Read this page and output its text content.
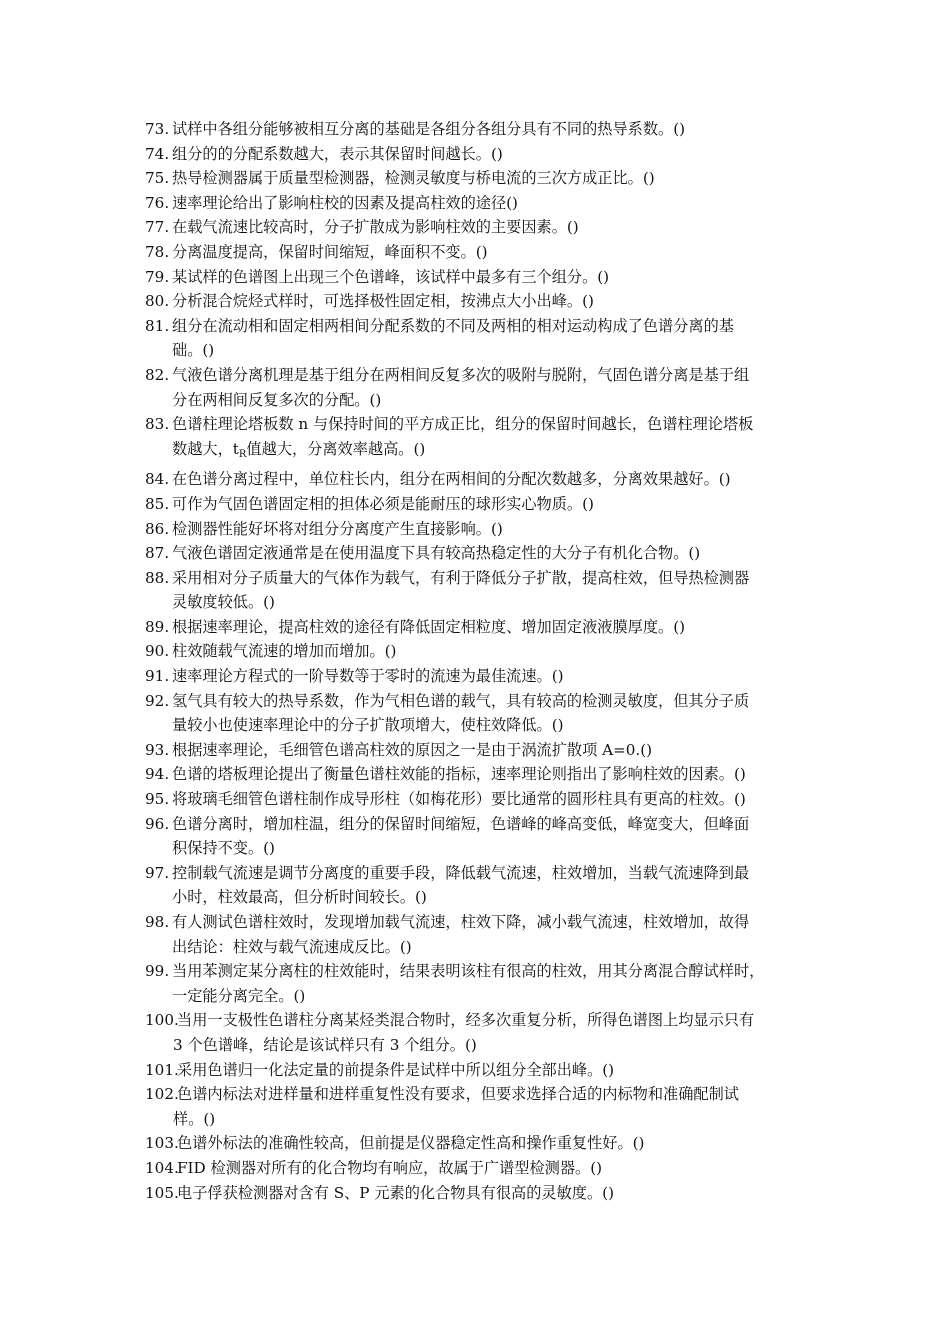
73. 试样中各组分能够被相互分离的基础是各组分各组分具有不同的热导系数。()
74. 组分的的分配系数越大，表示其保留时间越长。()
75. 热导检测器属于质量型检测器，检测灵敏度与桥电流的三次方成正比。()
76. 速率理论给出了影响柱校的因素及提高柱效的途径()
77. 在载气流速比较高时，分子扩散成为影响柱效的主要因素。()
78. 分离温度提高，保留时间缩短，峰面积不变。()
79. 某试样的色谱图上出现三个色谱峰，该试样中最多有三个组分。()
80. 分析混合烷烃式样时，可选择极性固定相，按沸点大小出峰。()
81. 组分在流动相和固定相两相间分配系数的不同及两相的相对运动构成了色谱分离的基
础。()
82. 气液色谱分离机理是基于组分在两相间反复多次的吸附与脱附，气固色谱分离是基于组
分在两相间反复多次的分配。()
83. 色谱柱理论塔板数 n 与保持时间的平方成正比，组分的保留时间越长，色谱柱理论塔板
数越大，$t_R$值越大，分离效率越高。()
84. 在色谱分离过程中，单位柱长内，组分在两相间的分配次数越多，分离效果越好。()
85. 可作为气固色谱固定相的担体必须是能耐压的球形实心物质。()
86. 检测器性能好坏将对组分分离度产生直接影响。()
87. 气液色谱固定液通常是在使用温度下具有较高热稳定性的大分子有机化合物。()
88. 采用相对分子质量大的气体作为载气，有利于降低分子扩散，提高柱效，但导热检测器
灵敏度较低。()
89. 根据速率理论，提高柱效的途径有降低固定相粒度、增加固定液液膜厚度。()
90. 柱效随载气流速的增加而增加。()
91. 速率理论方程式的一阶导数等于零时的流速为最佳流速。()
92. 氢气具有较大的热导系数，作为气相色谱的载气，具有较高的检测灵敏度，但其分子质
量较小也使速率理论中的分子扩散项增大，使柱效降低。()
93. 根据速率理论，毛细管色谱高柱效的原因之一是由于涡流扩散项 A=0.()
94. 色谱的塔板理论提出了衡量色谱柱效能的指标，速率理论则指出了影响柱效的因素。()
95. 将玻璃毛细管色谱柱制作成导形柱（如梅花形）要比通常的圆形柱具有更高的柱效。()
96. 色谱分离时，增加柱温，组分的保留时间缩短，色谱峰的峰高变低，峰宽变大，但峰面
积保持不变。()
97. 控制载气流速是调节分离度的重要手段，降低载气流速，柱效增加，当载气流速降到最
小时，柱效最高，但分析时间较长。()
98. 有人测试色谱柱效时，发现增加载气流速，柱效下降，减小载气流速，柱效增加，故得
出结论：柱效与载气流速成反比。()
99. 当用苯测定某分离柱的柱效能时，结果表明该柱有很高的柱效，用其分离混合醇试样时，
一定能分离完全。()
100.
当用一支极性色谱柱分离某烃类混合物时，经多次重复分析，所得色谱图上均显示只有
3 个色谱峰，结论是该试样只有 3 个组分。()
101.
采用色谱归一化法定量的前提条件是试样中所以组分全部出峰。()
102.
色谱内标法对进样量和进样重复性没有要求，但要求选择合适的内标物和准确配制试
样。()
103.
色谱外标法的准确性较高，但前提是仪器稳定性高和操作重复性好。()
104.
FID 检测器对所有的化合物均有响应，故属于广谱型检测器。()
105.
电子俘获检测器对含有 S、P 元素的化合物具有很高的灵敏度。()
